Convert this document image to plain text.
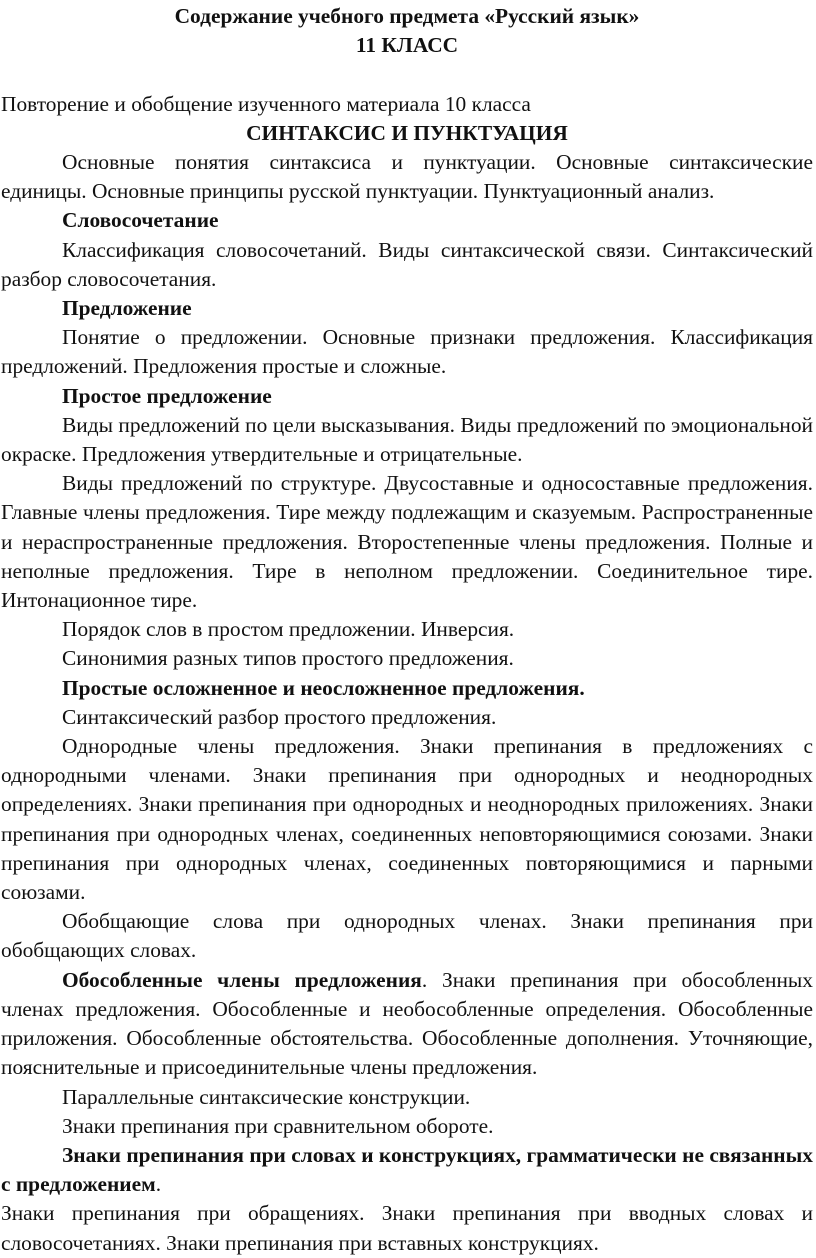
Содержание учебного предмета «Русский язык»

11 КЛАСС

Повторение и обобщение изученного материала 10 класса

СИНТАКСИС И ПУНКТУАЦИЯ

Основные понятия синтаксиса и пунктуации. Основные синтаксические единицы. Основные принципы русской пунктуации. Пунктуационный анализ.

Словосочетание

Классификация словосочетаний. Виды синтаксической связи. Синтаксический разбор словосочетания.

Предложение

Понятие о предложении. Основные признаки предложения. Классификация предложений. Предложения простые и сложные.

Простое предложение

Виды предложений по цели высказывания. Виды предложений по эмоциональной окраске. Предложения утвердительные и отрицательные.

Виды предложений по структуре. Двусоставные и односоставные предложения. Главные члены предложения. Тире между подлежащим и сказуемым. Распространенные и нераспространенные предложения. Второстепенные члены предложения. Полные и неполные предложения. Тире в неполном предложении. Соединительное тире. Интонационное тире.

Порядок слов в простом предложении. Инверсия.

Синонимия разных типов простого предложения.

Простые осложненное и неосложненное предложения.

Синтаксический разбор простого предложения.

Однородные члены предложения. Знаки препинания в предложениях с однородными членами. Знаки препинания при однородных и неоднородных определениях. Знаки препинания при однородных и неоднородных приложениях. Знаки препинания при однородных членах, соединенных неповторяющимися союзами. Знаки препинания при однородных членах, соединенных повторяющимися и парными союзами.

Обобщающие слова при однородных членах. Знаки препинания при обобщающих словах.

Обособленные члены предложения. Знаки препинания при обособленных членах предложения. Обособленные и необособленные определения. Обособленные приложения. Обособленные обстоятельства. Обособленные дополнения. Уточняющие, пояснительные и присоединительные члены предложения.

Параллельные синтаксические конструкции.

Знаки препинания при сравнительном обороте.

Знаки препинания при словах и конструкциях, грамматически не связанных с предложением.

Знаки препинания при обращениях. Знаки препинания при вводных словах и словосочетаниях. Знаки препинания при вставных конструкциях.
